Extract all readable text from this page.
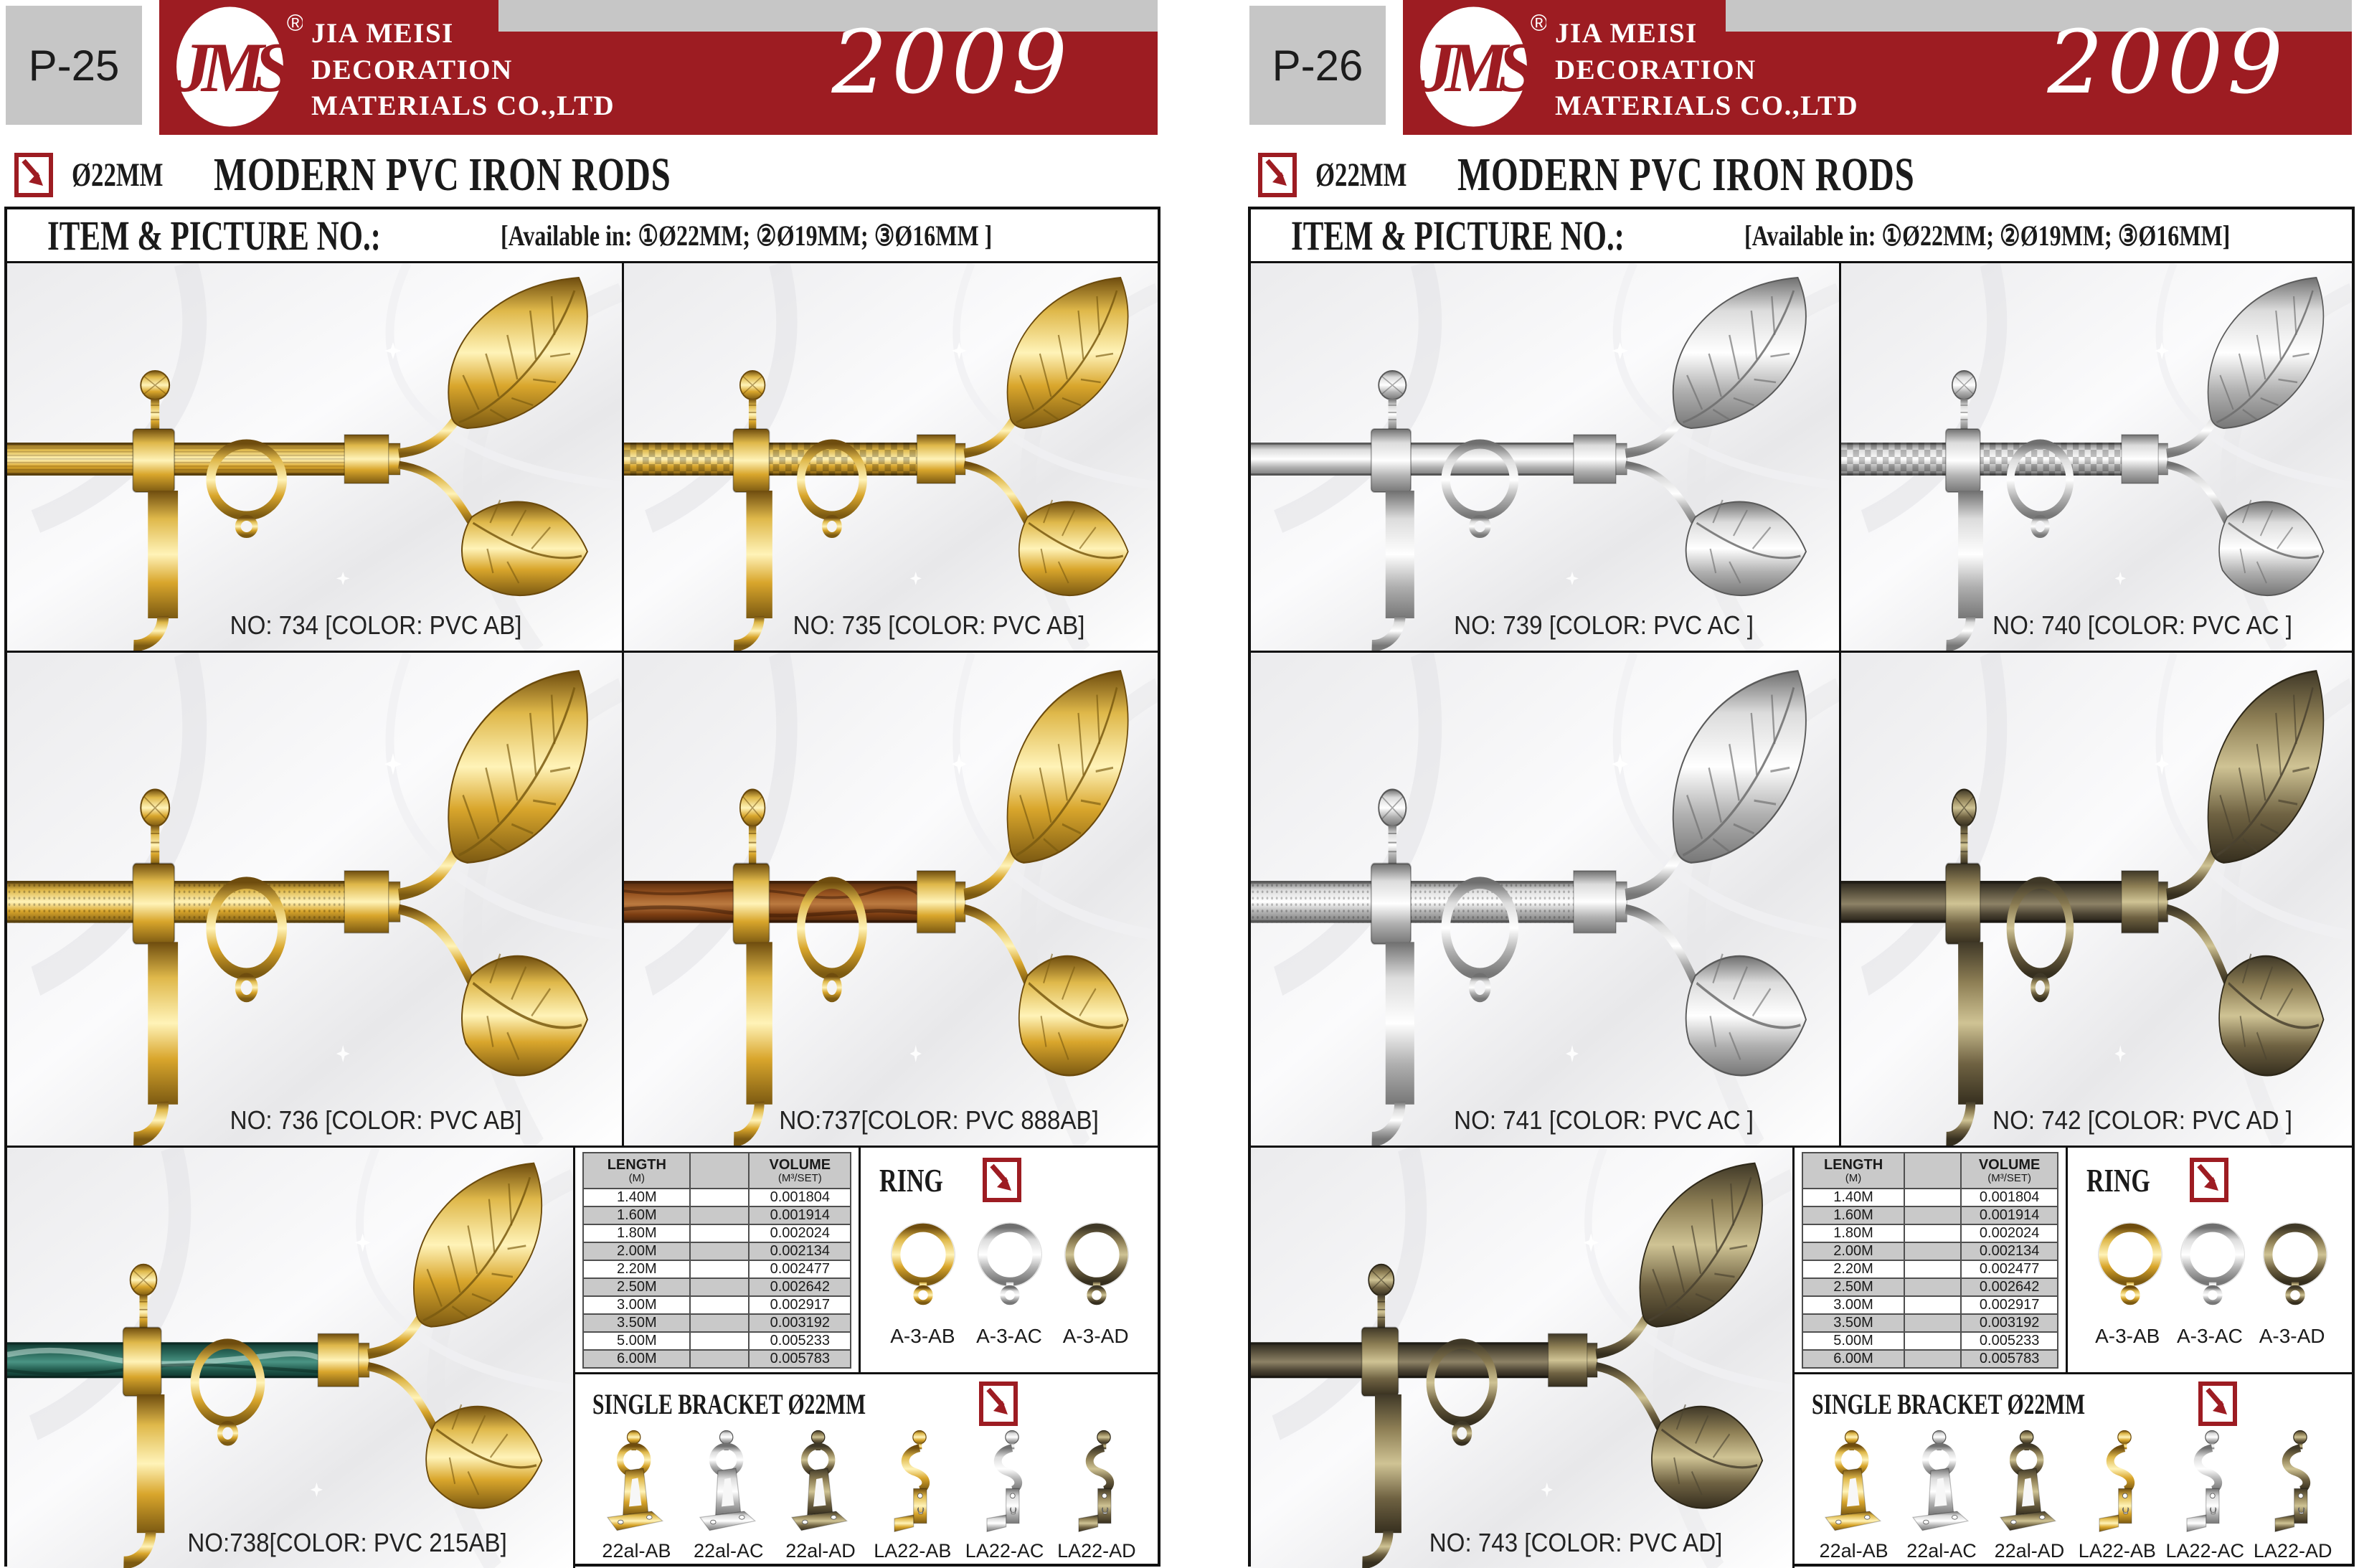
P-25 JMS
® JIA MEISI
DECORATION
MATERIALS CO.,LTD 2009
Ø22MM MODERN PVC IRON RODS
ITEM & PICTURE NO.:	[Available in: ①Ø22MM; ②Ø19MM; ③Ø16MM ]
NO: 734 [COLOR: PVC AB]	NO: 735 [COLOR: PVC AB]
NO: 736 [COLOR: PVC AB]	NO:737[COLOR: PVC 888AB]
NO:738[COLOR: PVC 215AB]
LENGTH
(M)

VOLUME
(M³/SET)

1.40M		0.001804
1.60M		0.001914
1.80M		0.002024
2.00M		0.002134
2.20M		0.002477
2.50M		0.002642
3.00M		0.002917
3.50M		0.003192
5.00M		0.005233
6.00M		0.005783
RING
A-3-AB	A-3-AC	A-3-AD
SINGLE BRACKET Ø22MM
22al-AB	22al-AC	22al-AD LA22-AB LA22-AC LA22-AD
P-26 JMS
® JIA MEISI
DECORATION
MATERIALS CO.,LTD 2009
Ø22MM MODERN PVC IRON RODS
ITEM & PICTURE NO.:	[Available in: ①Ø22MM; ②Ø19MM; ③Ø16MM]
NO: 739 [COLOR: PVC AC ]	NO: 740 [COLOR: PVC AC ]
NO: 741 [COLOR: PVC AC ]	NO: 742 [COLOR: PVC AD ]
NO: 743 [COLOR: PVC AD]
LENGTH
(M)

VOLUME
(M³/SET)

1.40M		0.001804
1.60M		0.001914
1.80M		0.002024
2.00M		0.002134
2.20M		0.002477
2.50M		0.002642
3.00M		0.002917
3.50M		0.003192
5.00M		0.005233
6.00M		0.005783
RING
A-3-AB A-3-AC A-3-AD
SINGLE BRACKET Ø22MM
22al-AB 22al-AC 22al-AD LA22-AB LA22-AC LA22-AD
